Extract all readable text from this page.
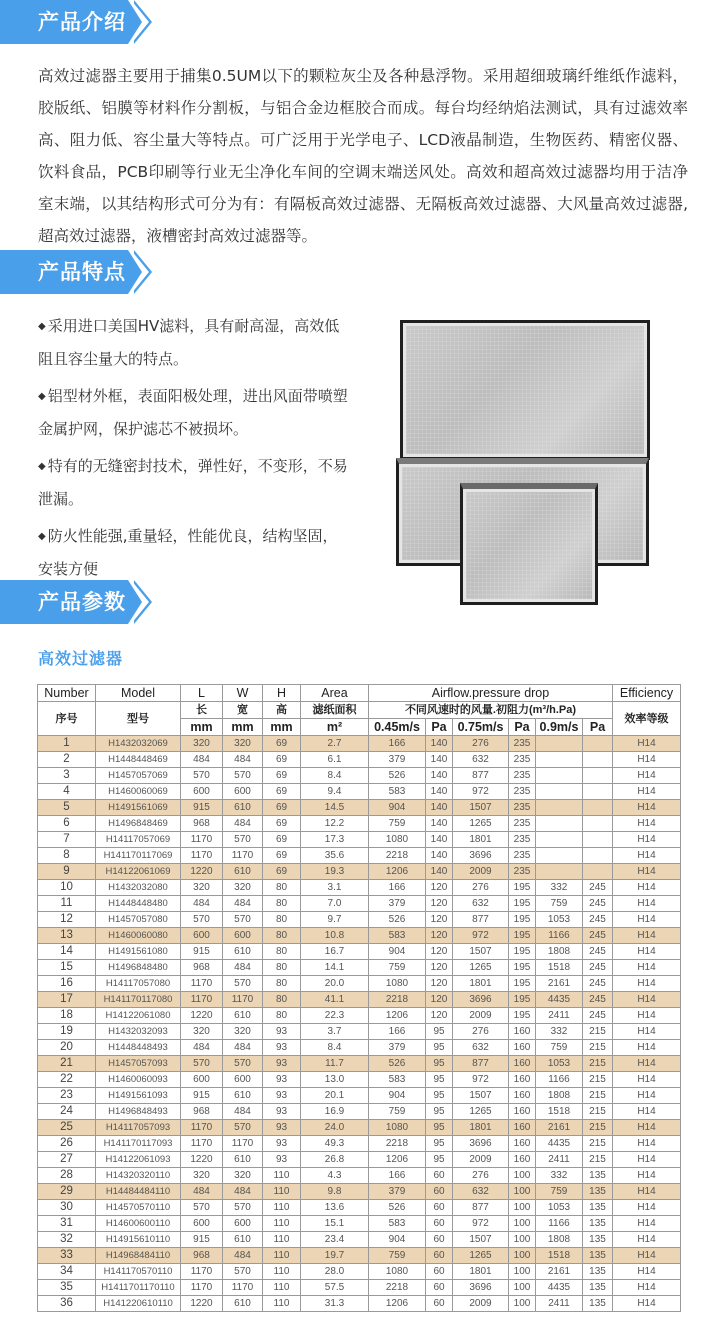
产品介绍
高效过滤器主要用于捕集0.5UM以下的颗粒灰尘及各种悬浮物。采用超细玻璃纤维纸作滤料，胶版纸、铝膜等材料作分割板，与铝合金边框胶合而成。每台均经纳焰法测试，具有过滤效率高、阻力低、容尘量大等特点。可广泛用于光学电子、LCD液晶制造，生物医药、精密仪器、饮料食品，PCB印刷等行业无尘净化车间的空调末端送风处。高效和超高效过滤器均用于洁净室末端，以其结构形式可分为有：有隔板高效过滤器、无隔板高效过滤器、大风量高效过滤器,超高效过滤器，液槽密封高效过滤器等。
产品特点
◆ 采用进口美国HV滤料，具有耐高湿，高效低阻且容尘量大的特点。
◆ 铝型材外框，表面阳极处理，进出风面带喷塑金属护网，保护滤芯不被损坏。
◆ 特有的无缝密封技术，弹性好，不变形，不易泄漏。
◆ 防火性能强,重量轻，性能优良，结构坚固，安装方便
产品参数
高效过滤器
Number	Model	L	W	H	Area	Airflow.pressure drop						Efficiency
序号	型号	长	宽	高	滤纸面积	不同风速时的风量.初阻力(m³/h.Pa)						效率等级
		mm	mm	mm	m²	0.45m/s	Pa	0.75m/s	Pa	0.9m/s	Pa	
1	H1432032069	320	320	69	2.7	166	140	276	235			H14
2	H1448448469	484	484	69	6.1	379	140	632	235			H14
3	H1457057069	570	570	69	8.4	526	140	877	235			H14
4	H1460060069	600	600	69	9.4	583	140	972	235			H14
5	H1491561069	915	610	69	14.5	904	140	1507	235			H14
6	H1496848469	968	484	69	12.2	759	140	1265	235			H14
7	H14117057069	1170	570	69	17.3	1080	140	1801	235			H14
8	H141170117069	1170	1170	69	35.6	2218	140	3696	235			H14
9	H14122061069	1220	610	69	19.3	1206	140	2009	235			H14
10	H1432032080	320	320	80	3.1	166	120	276	195	332	245	H14
11	H1448448480	484	484	80	7.0	379	120	632	195	759	245	H14
12	H1457057080	570	570	80	9.7	526	120	877	195	1053	245	H14
13	H1460060080	600	600	80	10.8	583	120	972	195	1166	245	H14
14	H1491561080	915	610	80	16.7	904	120	1507	195	1808	245	H14
15	H1496848480	968	484	80	14.1	759	120	1265	195	1518	245	H14
16	H14117057080	1170	570	80	20.0	1080	120	1801	195	2161	245	H14
17	H141170117080	1170	1170	80	41.1	2218	120	3696	195	4435	245	H14
18	H14122061080	1220	610	80	22.3	1206	120	2009	195	2411	245	H14
19	H1432032093	320	320	93	3.7	166	95	276	160	332	215	H14
20	H1448448493	484	484	93	8.4	379	95	632	160	759	215	H14
21	H1457057093	570	570	93	11.7	526	95	877	160	1053	215	H14
22	H1460060093	600	600	93	13.0	583	95	972	160	1166	215	H14
23	H1491561093	915	610	93	20.1	904	95	1507	160	1808	215	H14
24	H1496848493	968	484	93	16.9	759	95	1265	160	1518	215	H14
25	H14117057093	1170	570	93	24.0	1080	95	1801	160	2161	215	H14
26	H141170117093	1170	1170	93	49.3	2218	95	3696	160	4435	215	H14
27	H14122061093	1220	610	93	26.8	1206	95	2009	160	2411	215	H14
28	H14320320110	320	320	110	4.3	166	60	276	100	332	135	H14
29	H14484484110	484	484	110	9.8	379	60	632	100	759	135	H14
30	H14570570110	570	570	110	13.6	526	60	877	100	1053	135	H14
31	H14600600110	600	600	110	15.1	583	60	972	100	1166	135	H14
32	H14915610110	915	610	110	23.4	904	60	1507	100	1808	135	H14
33	H14968484110	968	484	110	19.7	759	60	1265	100	1518	135	H14
34	H141170570110	1170	570	110	28.0	1080	60	1801	100	2161	135	H14
35	H1411701170110	1170	1170	110	57.5	2218	60	3696	100	4435	135	H14
36	H141220610110	1220	610	110	31.3	1206	60	2009	100	2411	135	H14
